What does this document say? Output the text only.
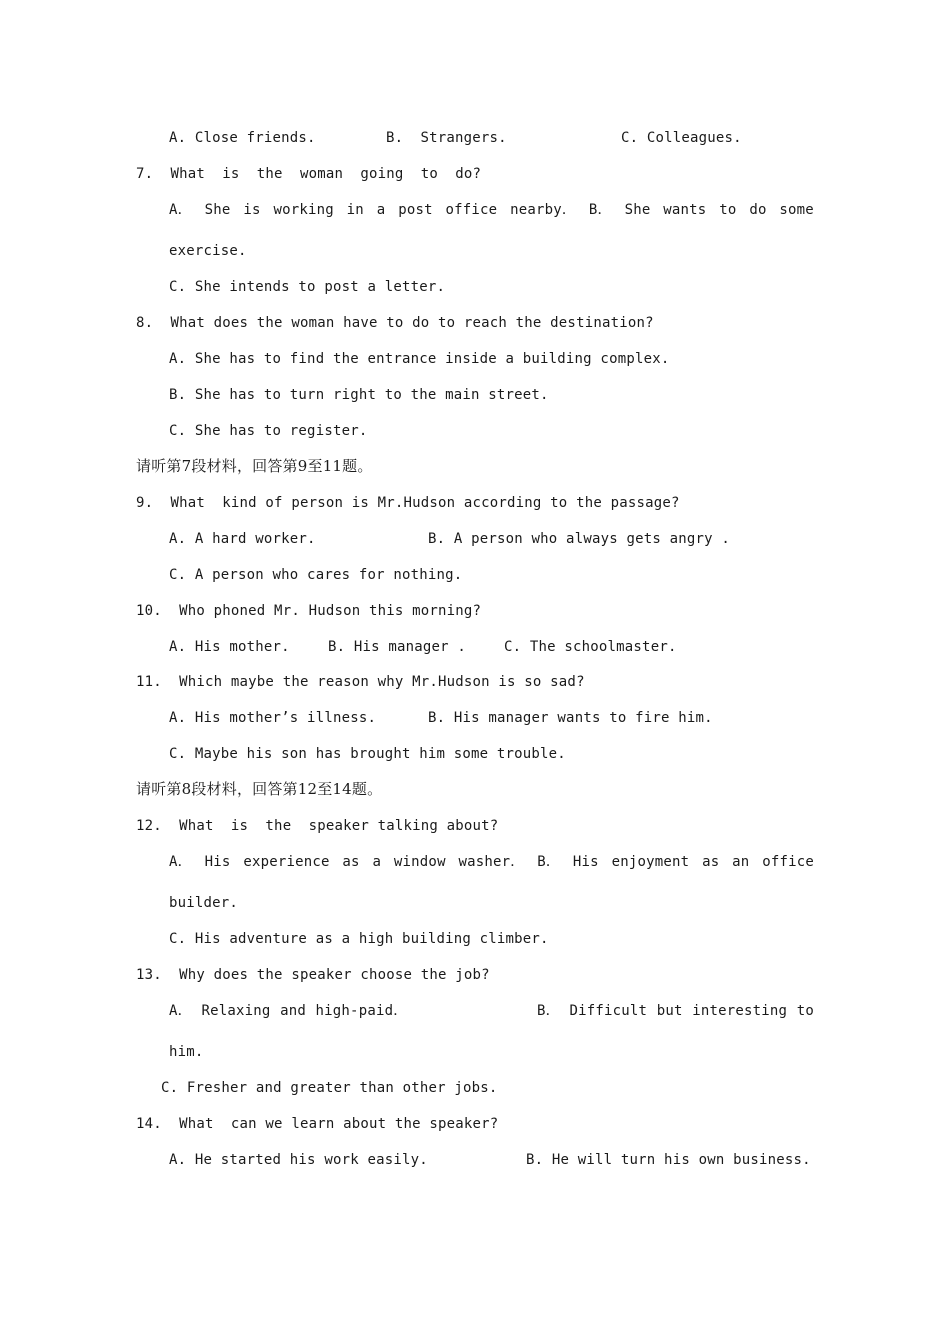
A. Close friends.	B.  Strangers.	C. Colleagues.
7.  What  is  the  woman  going  to  do?
A． She is working in a post office nearby． B． She wants to do some
exercise.
C. She intends to post a letter.
8.  What does the woman have to do to reach the destination?
A. She has to find the entrance inside a building complex.
B. She has to turn right to the main street.
C. She has to register.
请听第7段材料，回答第9至11题。
9.  What  kind of person is Mr.Hudson according to the passage?
A. A hard worker.	B. A person who always gets angry .
C. A person who cares for nothing.
10.  Who phoned Mr. Hudson this morning?
A. His mother.	B. His manager .	C. The schoolmaster.
11.  Which maybe the reason why Mr.Hudson is so sad?
A. His mother’s illness.	B. His manager wants to fire him.
C. Maybe his son has brought him some trouble.
请听第8段材料，回答第12至14题。
12.  What  is  the  speaker talking about?
A． His experience as a window washer． B． His enjoyment as an office
builder.
C. His adventure as a high building climber.
13.  Why does the speaker choose the job?
A． Relaxing and high-paid．	B． Difficult but interesting to
him.
C. Fresher and greater than other jobs.
14.  What  can we learn about the speaker?
A. He started his work easily.	B. He will turn his own business.
